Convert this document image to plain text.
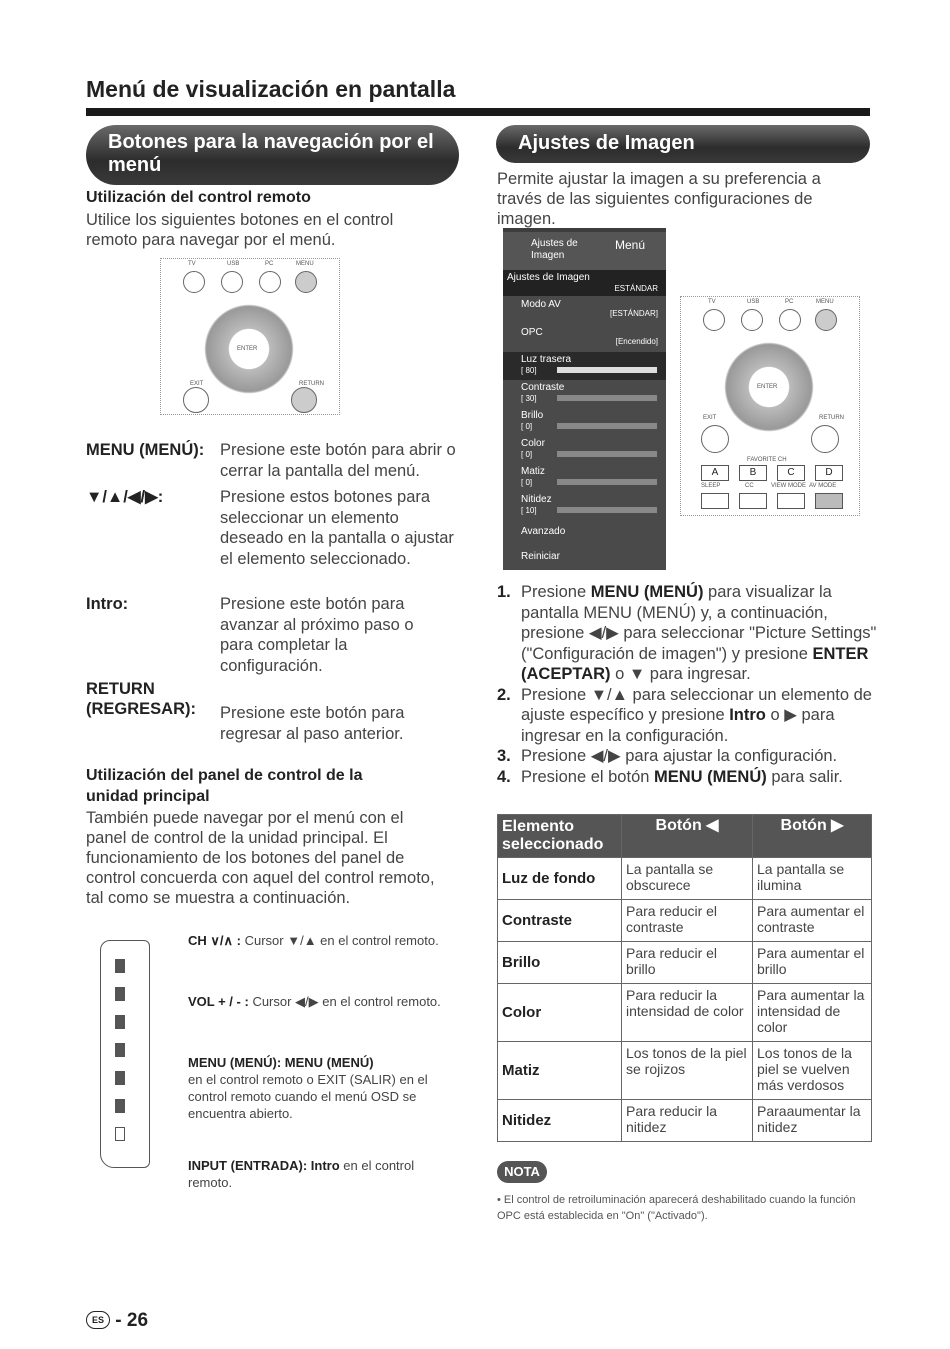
Menú de visualización en pantalla
Botones para la navegación por el menú
Utilización del control remoto
Utilice los siguientes botones en el control remoto para navegar por el menú.
TV	USB	PC	MENU
ENTER
EXIT	RETURN
MENU (MENÚ): Presione este botón para abrir o cerrar la pantalla del menú.
▼/▲/◀/▶:	Presione estos botones para seleccionar un elemento deseado en la pantalla o ajustar el elemento seleccionado.
Intro:	Presione este botón para avanzar al próximo paso o para completar la configuración.
RETURN (REGRESAR):	Presione este botón para regresar al paso anterior.
Utilización del panel de control de la unidad principal
También puede navegar por el menú con el panel de control de la unidad principal. El funcionamiento de los botones del panel de control concuerda con aquel del control remoto, tal como se muestra a continuación.
CH ∨/∧ : Cursor ▼/▲ en el control remoto.
VOL + / - : Cursor ◀/▶ en el control remoto.
MENU (MENÚ): MENU (MENÚ)
en el control remoto o EXIT (SALIR) en el control remoto cuando el menú OSD se encuentra abierto.
INPUT (ENTRADA): Intro en el control remoto.
Ajustes de Imagen
Permite ajustar la imagen a su preferencia a través de las siguientes configuraciones de imagen.
Ajustes de Imagen
Menú
Ajustes de Imagen
ESTÁNDAR
Modo AV
[ESTÁNDAR]
OPC
[Encendido]
Luz trasera
[ 80]
Contraste
[ 30]
Brillo
[ 0]
Color
[ 0]
Matiz
[ 0]
Nitidez
[ 10]
Avanzado
Reiniciar
TV	USB	PC	MENU
ENTER
EXIT	RETURN
FAVORITE CH
A	B	C	D
SLEEP	CC	VIEW MODE AV MODE
1. Presione MENU (MENÚ) para visualizar la pantalla MENU (MENÚ) y, a continuación, presione ◀/▶ para seleccionar "Picture Settings" ("Configuración de imagen") y presione ENTER (ACEPTAR) o ▼ para ingresar.
2. Presione ▼/▲ para seleccionar un elemento de ajuste específico y presione Intro o ▶ para ingresar en la configuración.
3. Presione ◀/▶ para ajustar la configuración.
4. Presione el botón MENU (MENÚ) para salir.
Elemento seleccionado	Botón ◀	Botón ▶
Luz de fondo	La pantalla se obscurece	La pantalla se ilumina
Contraste	Para reducir el contraste	Para aumentar el contraste
Brillo	Para reducir el brillo	Para aumentar el brillo
Color	Para reducir la intensidad de color	Para aumentar la intensidad de color
Matiz	Los tonos de la piel se rojizos	Los tonos de la piel se vuelven más verdosos
Nitidez	Para reducir la nitidez	Paraaumentar la nitidez
NOTA
• El control de retroiluminación aparecerá deshabilitado cuando la función OPC está establecida en "On" ("Activado").
ES - 26
